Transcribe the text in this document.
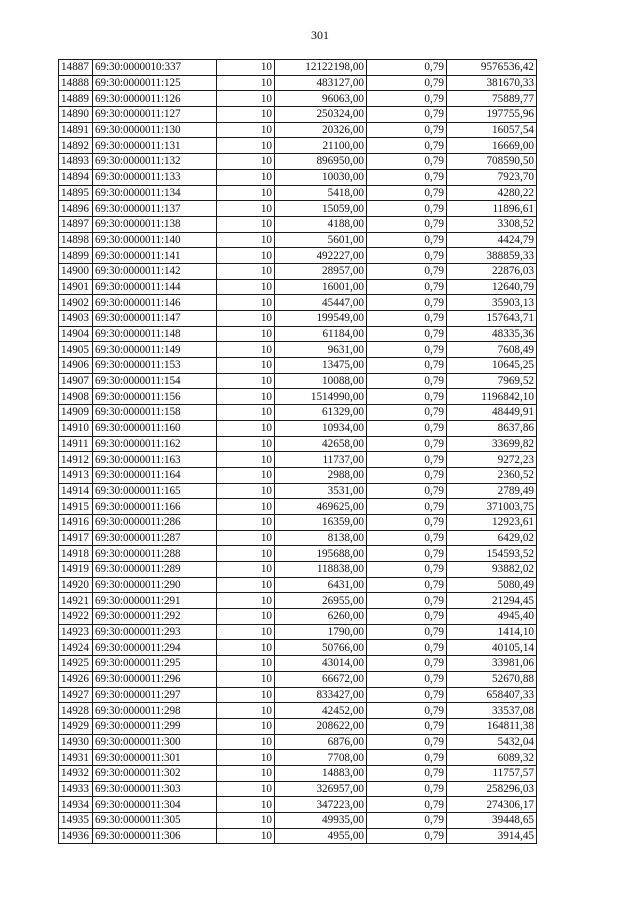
301
14887	69:30:0000010:337	10	12122198,00	0,79	9576536,42
14888	69:30:0000011:125	10	483127,00	0,79	381670,33
14889	69:30:0000011:126	10	96063,00	0,79	75889,77
14890	69:30:0000011:127	10	250324,00	0,79	197755,96
14891	69:30:0000011:130	10	20326,00	0,79	16057,54
14892	69:30:0000011:131	10	21100,00	0,79	16669,00
14893	69:30:0000011:132	10	896950,00	0,79	708590,50
14894	69:30:0000011:133	10	10030,00	0,79	7923,70
14895	69:30:0000011:134	10	5418,00	0,79	4280,22
14896	69:30:0000011:137	10	15059,00	0,79	11896,61
14897	69:30:0000011:138	10	4188,00	0,79	3308,52
14898	69:30:0000011:140	10	5601,00	0,79	4424,79
14899	69:30:0000011:141	10	492227,00	0,79	388859,33
14900	69:30:0000011:142	10	28957,00	0,79	22876,03
14901	69:30:0000011:144	10	16001,00	0,79	12640,79
14902	69:30:0000011:146	10	45447,00	0,79	35903,13
14903	69:30:0000011:147	10	199549,00	0,79	157643,71
14904	69:30:0000011:148	10	61184,00	0,79	48335,36
14905	69:30:0000011:149	10	9631,00	0,79	7608,49
14906	69:30:0000011:153	10	13475,00	0,79	10645,25
14907	69:30:0000011:154	10	10088,00	0,79	7969,52
14908	69:30:0000011:156	10	1514990,00	0,79	1196842,10
14909	69:30:0000011:158	10	61329,00	0,79	48449,91
14910	69:30:0000011:160	10	10934,00	0,79	8637,86
14911	69:30:0000011:162	10	42658,00	0,79	33699,82
14912	69:30:0000011:163	10	11737,00	0,79	9272,23
14913	69:30:0000011:164	10	2988,00	0,79	2360,52
14914	69:30:0000011:165	10	3531,00	0,79	2789,49
14915	69:30:0000011:166	10	469625,00	0,79	371003,75
14916	69:30:0000011:286	10	16359,00	0,79	12923,61
14917	69:30:0000011:287	10	8138,00	0,79	6429,02
14918	69:30:0000011:288	10	195688,00	0,79	154593,52
14919	69:30:0000011:289	10	118838,00	0,79	93882,02
14920	69:30:0000011:290	10	6431,00	0,79	5080,49
14921	69:30:0000011:291	10	26955,00	0,79	21294,45
14922	69:30:0000011:292	10	6260,00	0,79	4945,40
14923	69:30:0000011:293	10	1790,00	0,79	1414,10
14924	69:30:0000011:294	10	50766,00	0,79	40105,14
14925	69:30:0000011:295	10	43014,00	0,79	33981,06
14926	69:30:0000011:296	10	66672,00	0,79	52670,88
14927	69:30:0000011:297	10	833427,00	0,79	658407,33
14928	69:30:0000011:298	10	42452,00	0,79	33537,08
14929	69:30:0000011:299	10	208622,00	0,79	164811,38
14930	69:30:0000011:300	10	6876,00	0,79	5432,04
14931	69:30:0000011:301	10	7708,00	0,79	6089,32
14932	69:30:0000011:302	10	14883,00	0,79	11757,57
14933	69:30:0000011:303	10	326957,00	0,79	258296,03
14934	69:30:0000011:304	10	347223,00	0,79	274306,17
14935	69:30:0000011:305	10	49935,00	0,79	39448,65
14936	69:30:0000011:306	10	4955,00	0,79	3914,45
